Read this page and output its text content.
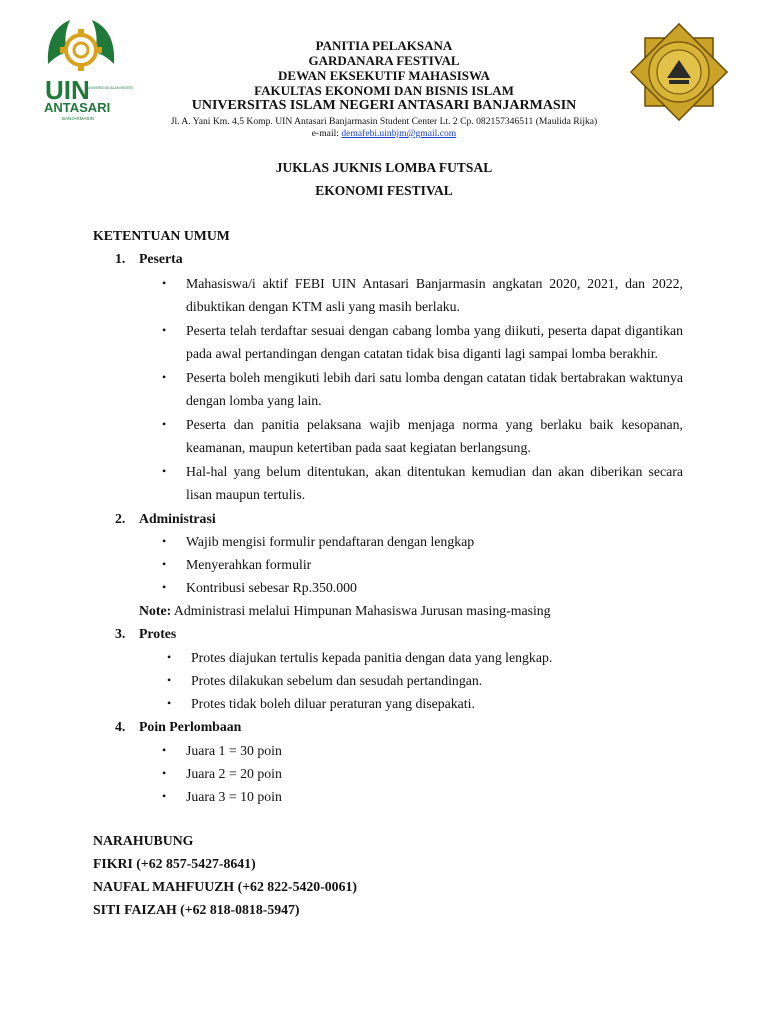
UIN
UNIVERSITAS ISLAM NEGERI
ANTASARI
BANJARMASIN
PANITIA PELAKSANA
GARDANARA FESTIVAL
DEWAN EKSEKUTIF MAHASISWA
FAKULTAS EKONOMI DAN BISNIS ISLAM
UNIVERSITAS ISLAM NEGERI ANTASARI BANJARMASIN
Jl. A. Yani Km. 4,5 Komp. UIN Antasari Banjarmasin Student Center Lt. 2 Cp. 082157346511 (Maulida Rijka)
e-mail: demafebi.uinbjm@gmail.com
JUKLAS JUKNIS LOMBA FUTSAL
EKONOMI FESTIVAL
KETENTUAN UMUM
1. Peserta
• Mahasiswa/i aktif FEBI UIN Antasari Banjarmasin angkatan 2020, 2021, dan 2022, dibuktikan dengan KTM asli yang masih berlaku.
• Peserta telah terdaftar sesuai dengan cabang lomba yang diikuti, peserta dapat digantikan pada awal pertandingan dengan catatan tidak bisa diganti lagi sampai lomba berakhir.
• Peserta boleh mengikuti lebih dari satu lomba dengan catatan tidak bertabrakan waktunya dengan lomba yang lain.
• Peserta dan panitia pelaksana wajib menjaga norma yang berlaku baik kesopanan, keamanan, maupun ketertiban pada saat kegiatan berlangsung.
• Hal-hal yang belum ditentukan, akan ditentukan kemudian dan akan diberikan secara lisan maupun tertulis.
2. Administrasi
• Wajib mengisi formulir pendaftaran dengan lengkap
• Menyerahkan formulir
• Kontribusi sebesar Rp.350.000
Note: Administrasi melalui Himpunan Mahasiswa Jurusan masing-masing
3. Protes
• Protes diajukan tertulis kepada panitia dengan data yang lengkap.
• Protes dilakukan sebelum dan sesudah pertandingan.
• Protes tidak boleh diluar peraturan yang disepakati.
4. Poin Perlombaan
• Juara 1 = 30 poin
• Juara 2 = 20 poin
• Juara 3 = 10 poin
NARAHUBUNG
FIKRI (+62 857-5427-8641)
NAUFAL MAHFUUZH (+62 822-5420-0061)
SITI FAIZAH (+62 818-0818-5947)
